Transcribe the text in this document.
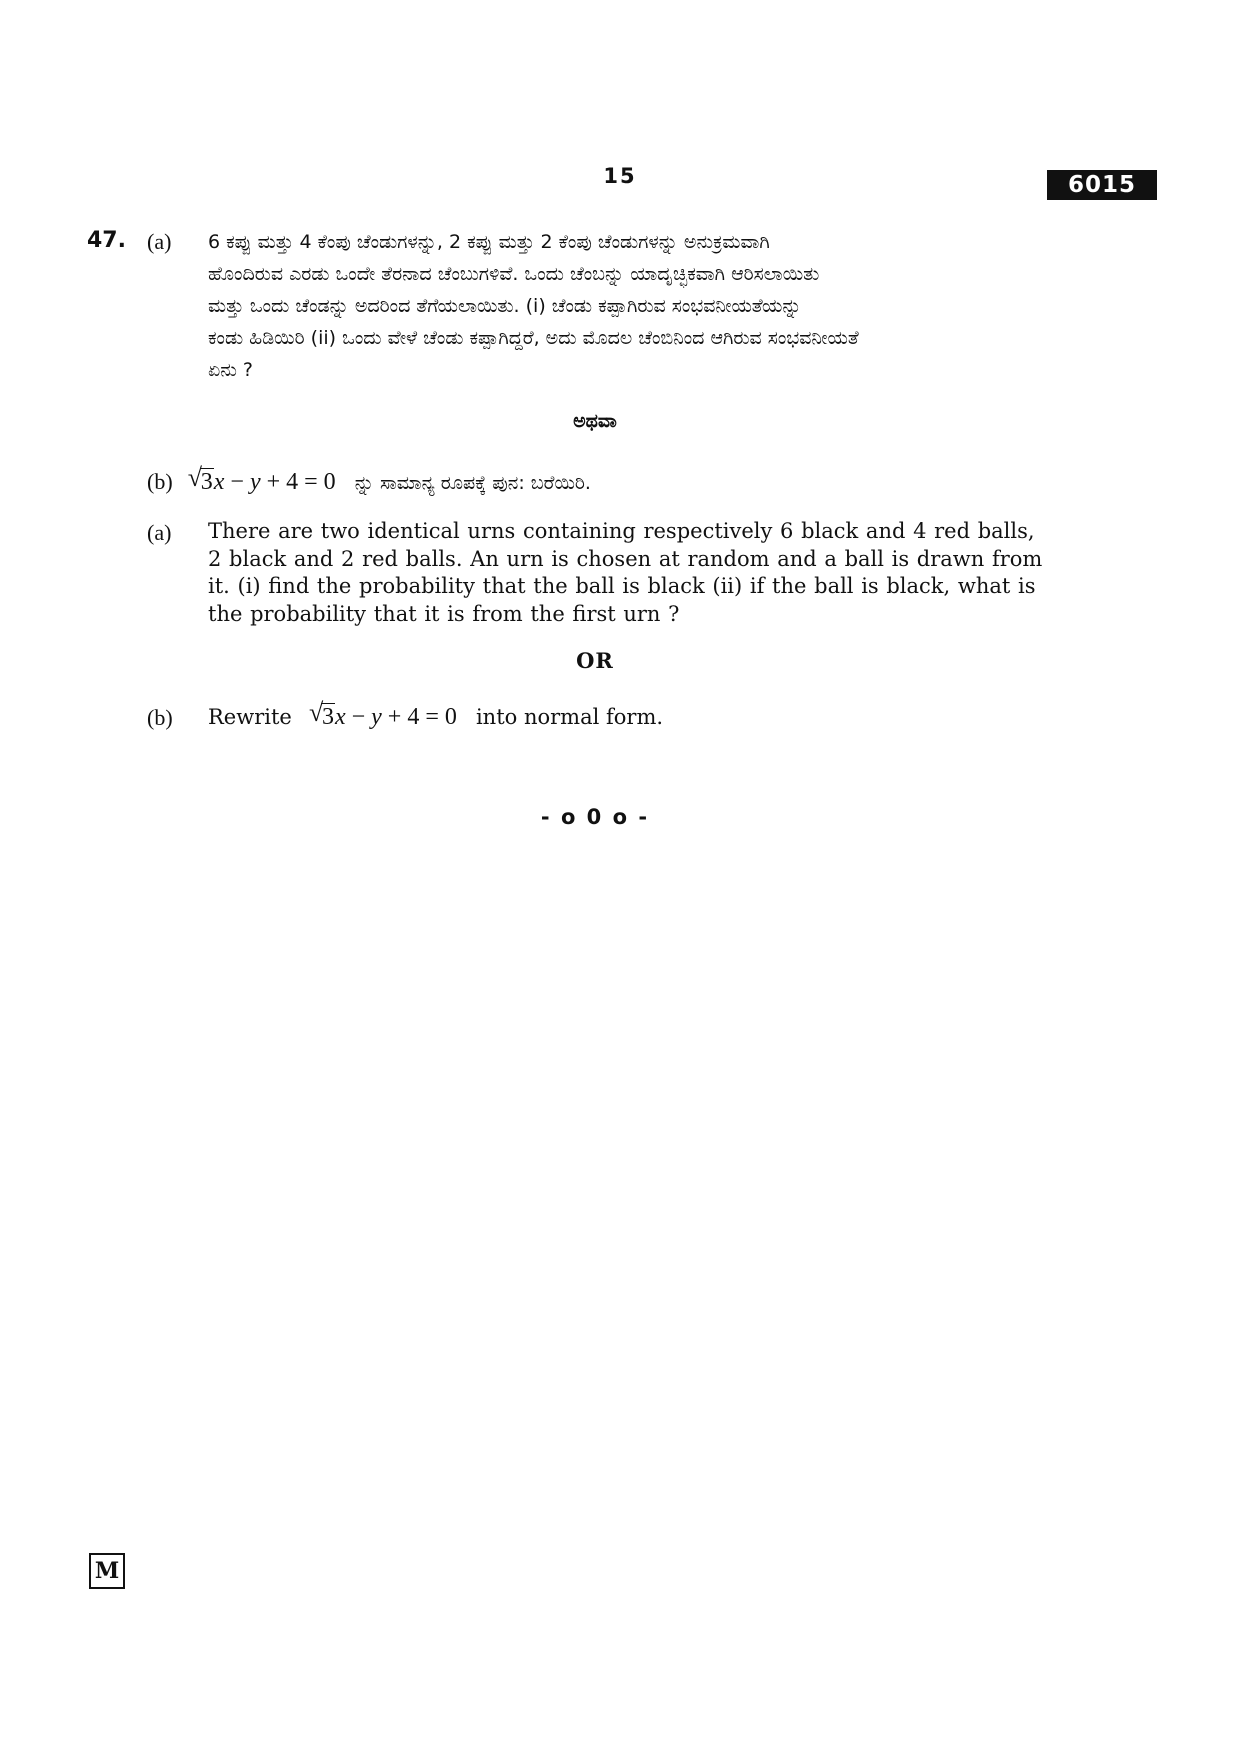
15	6015
47. (a) 6 ಕಪ್ಪು ಮತ್ತು 4 ಕೆಂಪು ಚೆಂಡುಗಳನ್ನು, 2 ಕಪ್ಪು ಮತ್ತು 2 ಕೆಂಪು ಚೆಂಡುಗಳನ್ನು ಅನುಕ್ರಮವಾಗಿ
ಹೊಂದಿರುವ ಎರಡು ಒಂದೇ ತೆರನಾದ ಚೆಂಬುಗಳಿವೆ. ಒಂದು ಚೆಂಬನ್ನು ಯಾದೃಚ್ಛಿಕವಾಗಿ ಆರಿಸಲಾಯಿತು
ಮತ್ತು ಒಂದು ಚೆಂಡನ್ನು ಅದರಿಂದ ತೆಗೆಯಲಾಯಿತು. (i) ಚೆಂಡು ಕಪ್ಪಾಗಿರುವ ಸಂಭವನೀಯತೆಯನ್ನು
ಕಂಡು ಹಿಡಿಯಿರಿ (ii) ಒಂದು ವೇಳೆ ಚೆಂಡು ಕಪ್ಪಾಗಿದ್ದರೆ, ಅದು ಮೊದಲ ಚೆಂಬಿನಿಂದ ಆಗಿರುವ ಸಂಭವನೀಯತೆ
ಏನು ?
ಅಥವಾ
(b) √
3x − y + 4 = 0 ನ್ನು ಸಾಮಾನ್ಯ ರೂಪಕ್ಕೆ ಪುನ: ಬರೆಯಿರಿ.
(a) There are two identical urns containing respectively 6 black and 4 red balls,
2 black and 2 red balls. An urn is chosen at random and a ball is drawn from
it. (i) find the probability that the ball is black (ii) if the ball is black, what is
the probability that it is from the first urn ?
OR
(b) Rewrite √
3x − y + 4 = 0 into normal form.
- o 0 o -
M
